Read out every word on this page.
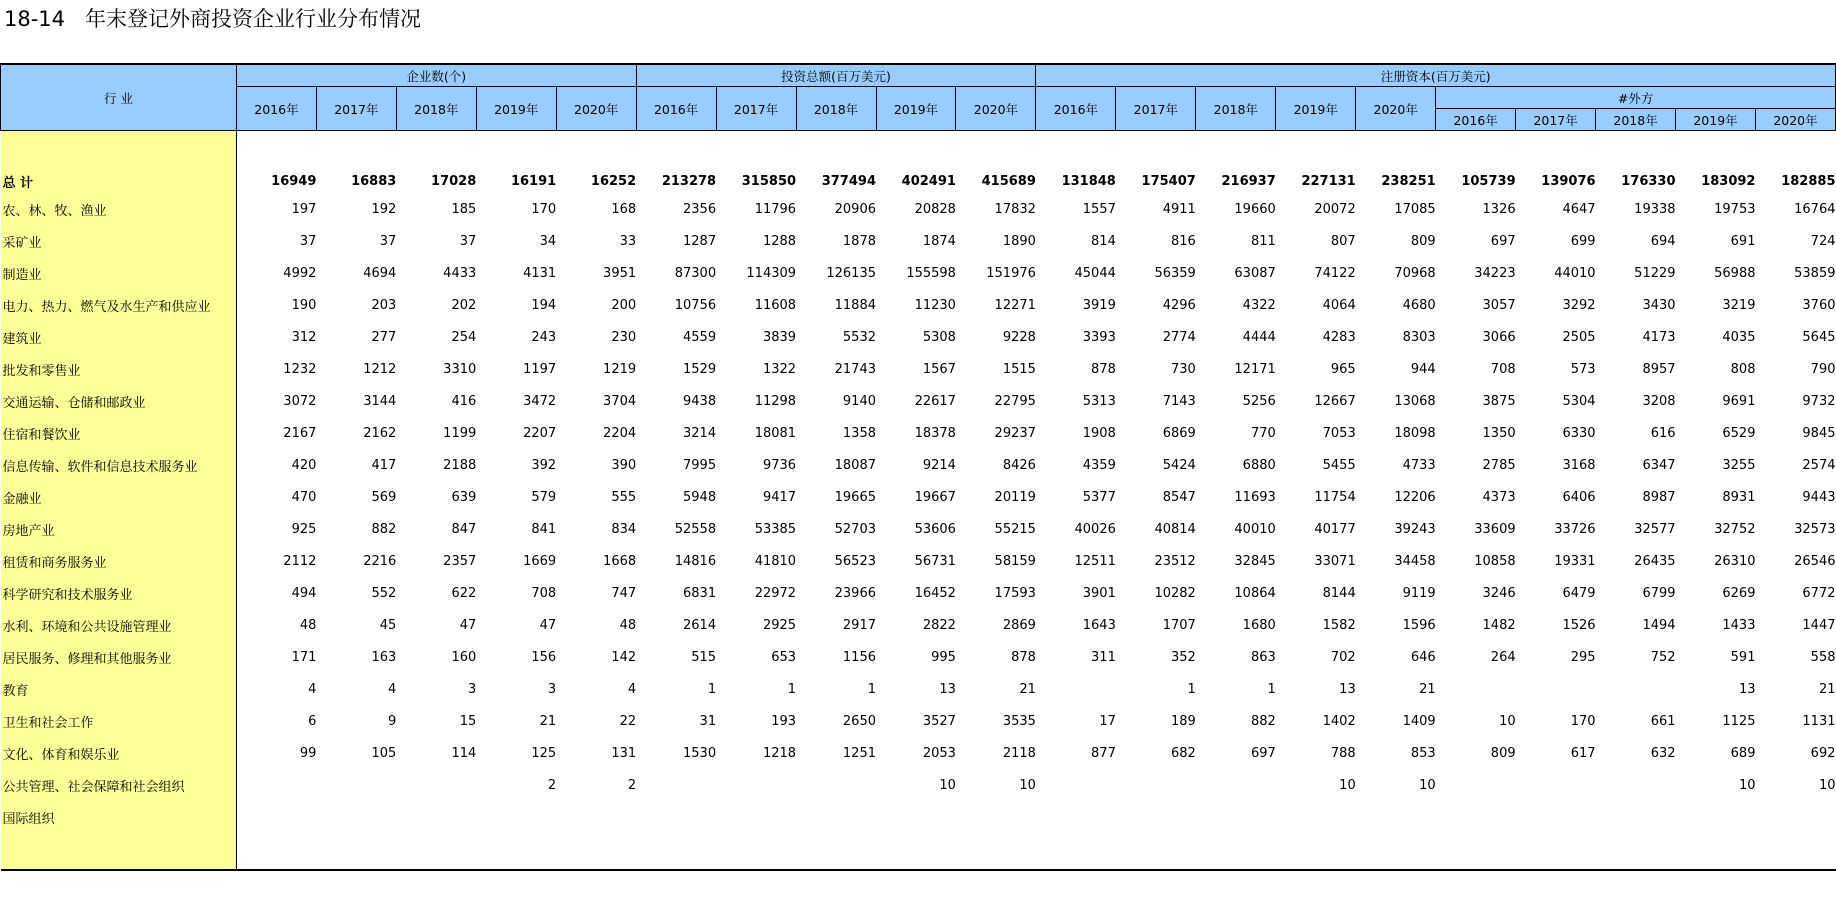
18-14   年末登记外商投资企业行业分布情况
行 业	企业数(个)					投资总额(百万美元)					注册资本(百万美元)									
	2016年	2017年	2018年	2019年	2020年	2016年	2017年	2018年	2019年	2020年	2016年	2017年	2018年	2019年	2020年	#外方				
																2016年	2017年	2018年	2019年	2020年

总 计	16949	16883	17028	16191	16252	213278	315850	377494	402491	415689	131848	175407	216937	227131	238251	105739	139076	176330	183092	182885
农、林、牧、渔业	197	192	185	170	168	2356	11796	20906	20828	17832	1557	4911	19660	20072	17085	1326	4647	19338	19753	16764
采矿业	37	37	37	34	33	1287	1288	1878	1874	1890	814	816	811	807	809	697	699	694	691	724
制造业	4992	4694	4433	4131	3951	87300	114309	126135	155598	151976	45044	56359	63087	74122	70968	34223	44010	51229	56988	53859
电力、热力、燃气及水生产和供应业	190	203	202	194	200	10756	11608	11884	11230	12271	3919	4296	4322	4064	4680	3057	3292	3430	3219	3760
建筑业	312	277	254	243	230	4559	3839	5532	5308	9228	3393	2774	4444	4283	8303	3066	2505	4173	4035	5645
批发和零售业	1232	1212	3310	1197	1219	1529	1322	21743	1567	1515	878	730	12171	965	944	708	573	8957	808	790
交通运输、仓储和邮政业	3072	3144	416	3472	3704	9438	11298	9140	22617	22795	5313	7143	5256	12667	13068	3875	5304	3208	9691	9732
住宿和餐饮业	2167	2162	1199	2207	2204	3214	18081	1358	18378	29237	1908	6869	770	7053	18098	1350	6330	616	6529	9845
信息传输、软件和信息技术服务业	420	417	2188	392	390	7995	9736	18087	9214	8426	4359	5424	6880	5455	4733	2785	3168	6347	3255	2574
金融业	470	569	639	579	555	5948	9417	19665	19667	20119	5377	8547	11693	11754	12206	4373	6406	8987	8931	9443
房地产业	925	882	847	841	834	52558	53385	52703	53606	55215	40026	40814	40010	40177	39243	33609	33726	32577	32752	32573
租赁和商务服务业	2112	2216	2357	1669	1668	14816	41810	56523	56731	58159	12511	23512	32845	33071	34458	10858	19331	26435	26310	26546
科学研究和技术服务业	494	552	622	708	747	6831	22972	23966	16452	17593	3901	10282	10864	8144	9119	3246	6479	6799	6269	6772
水利、环境和公共设施管理业	48	45	47	47	48	2614	2925	2917	2822	2869	1643	1707	1680	1582	1596	1482	1526	1494	1433	1447
居民服务、修理和其他服务业	171	163	160	156	142	515	653	1156	995	878	311	352	863	702	646	264	295	752	591	558
教育	4	4	3	3	4	1	1	1	13	21		1	1	13	21				13	21
卫生和社会工作	6	9	15	21	22	31	193	2650	3527	3535	17	189	882	1402	1409	10	170	661	1125	1131
文化、体育和娱乐业	99	105	114	125	131	1530	1218	1251	2053	2118	877	682	697	788	853	809	617	632	689	692
公共管理、社会保障和社会组织				2	2				10	10				10	10				10	10
国际组织																				
